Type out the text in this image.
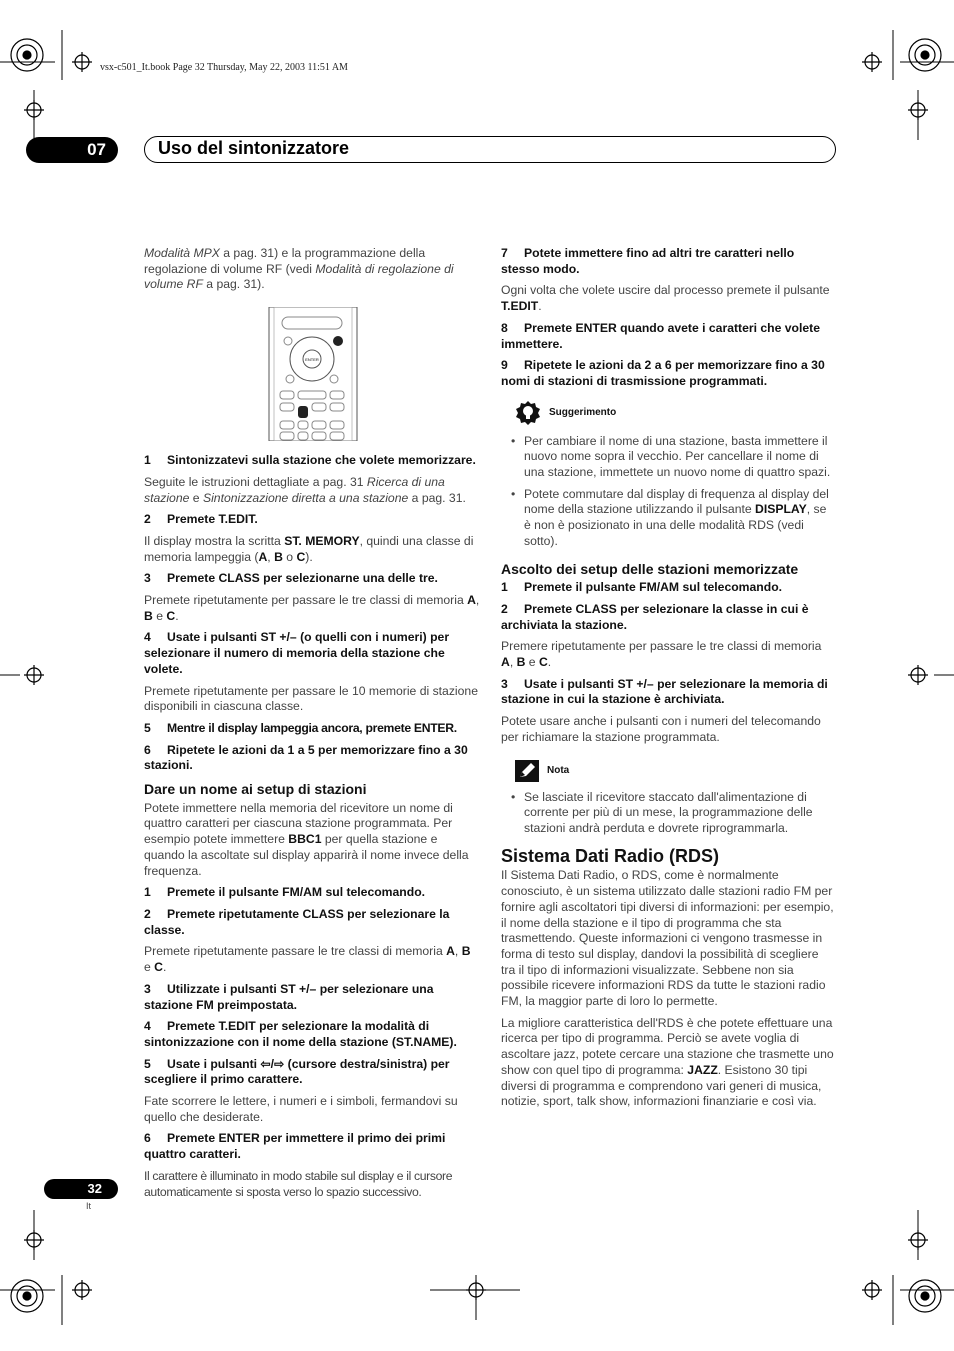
vsx-c501_It.book Page 32 Thursday, May 22, 2003 11:51 AM
07	Uso del sintonizzatore

Modalità MPX a pag. 31) e la programmazione della regolazione di volume RF (vedi Modalità di regolazione di volume RF a pag. 31).

ENTER

1 Sintonizzatevi sulla stazione che volete memorizzare.

Seguite le istruzioni dettagliate a pag. 31 Ricerca di una stazione e Sintonizzazione diretta a una stazione a pag. 31.

2 Premete T.EDIT.

Il display mostra la scritta ST. MEMORY, quindi una classe di memoria lampeggia (A, B o C).

3 Premete CLASS per selezionarne una delle tre.

Premete ripetutamente per passare le tre classi di memoria A, B e C.

4 Usate i pulsanti ST +/– (o quelli con i numeri) per selezionare il numero di memoria della stazione che volete.

Premete ripetutamente per passare le 10 memorie di stazione disponibili in ciascuna classe.

5 Mentre il display lampeggia ancora, premete ENTER.

6 Ripetete le azioni da 1 a 5 per memorizzare fino a 30 stazioni.

Dare un nome ai setup di stazioni

Potete immettere nella memoria del ricevitore un nome di quattro caratteri per ciascuna stazione programmata. Per esempio potete immettere BBC1 per quella stazione e quando la ascoltate sul display apparirà il nome invece della frequenza.

1 Premete il pulsante FM/AM sul telecomando.

2 Premete ripetutamente CLASS per selezionare la classe.

Premete ripetutamente passare le tre classi di memoria A, B e C.

3 Utilizzate i pulsanti ST +/– per selezionare una stazione FM preimpostata.

4 Premete T.EDIT per selezionare la modalità di sintonizzazione con il nome della stazione (ST.NAME).

5 Usate i pulsanti ⇦/⇨ (cursore destra/sinistra) per scegliere il primo carattere.

Fate scorrere le lettere, i numeri e i simboli, fermandovi su quello che desiderate.

6 Premete ENTER per immettere il primo dei primi quattro caratteri.

Il carattere è illuminato in modo stabile sul display e il cursore automaticamente si sposta verso lo spazio successivo.

7 Potete immettere fino ad altri tre caratteri nello stesso modo.

Ogni volta che volete uscire dal processo premete il pulsante T.EDIT.

8 Premete ENTER quando avete i caratteri che volete immettere.

9 Ripetete le azioni da 2 a 6 per memorizzare fino a 30 nomi di stazioni di trasmissione programmati.

Suggerimento

• Per cambiare il nome di una stazione, basta immettere il nuovo nome sopra il vecchio. Per cancellare il nome di una stazione, immettete un nuovo nome di quattro spazi.

• Potete commutare dal display di frequenza al display del nome della stazione utilizzando il pulsante DISPLAY, se è non è posizionato in una delle modalità RDS (vedi sotto).

Ascolto dei setup delle stazioni memorizzate

1 Premete il pulsante FM/AM sul telecomando.

2 Premete CLASS per selezionare la classe in cui è archiviata la stazione.

Premere ripetutamente per passare le tre classi di memoria A, B e C.

3 Usate i pulsanti ST +/– per selezionare la memoria di stazione in cui la stazione è archiviata.

Potete usare anche i pulsanti con i numeri del telecomando per richiamare la stazione programmata.

Nota

• Se lasciate il ricevitore staccato dall'alimentazione di corrente per più di un mese, la programmazione delle stazioni andrà perduta e dovrete riprogrammarla.

Sistema Dati Radio (RDS)

Il Sistema Dati Radio, o RDS, come è normalmente conosciuto, è un sistema utilizzato dalle stazioni radio FM per fornire agli ascoltatori tipi diversi di informazioni: per esempio, il nome della stazione e il tipo di programma che sta trasmettendo. Queste informazioni ci vengono trasmesse in forma di testo sul display, dandovi la possibilità di scegliere tra il tipo di informazioni visualizzate. Sebbene non sia possibile ricevere informazioni RDS da tutte le stazioni radio FM, la maggior parte di loro lo permette.

La migliore caratteristica dell'RDS è che potete effettuare una ricerca per tipo di programma. Perciò se avete voglia di ascoltare jazz, potete cercare una stazione che trasmette uno show con quel tipo di programma: JAZZ. Esistono 30 tipi diversi di programma e comprendono vari generi di musica, notizie, sport, talk show, informazioni finanziarie e così via.

32
It
